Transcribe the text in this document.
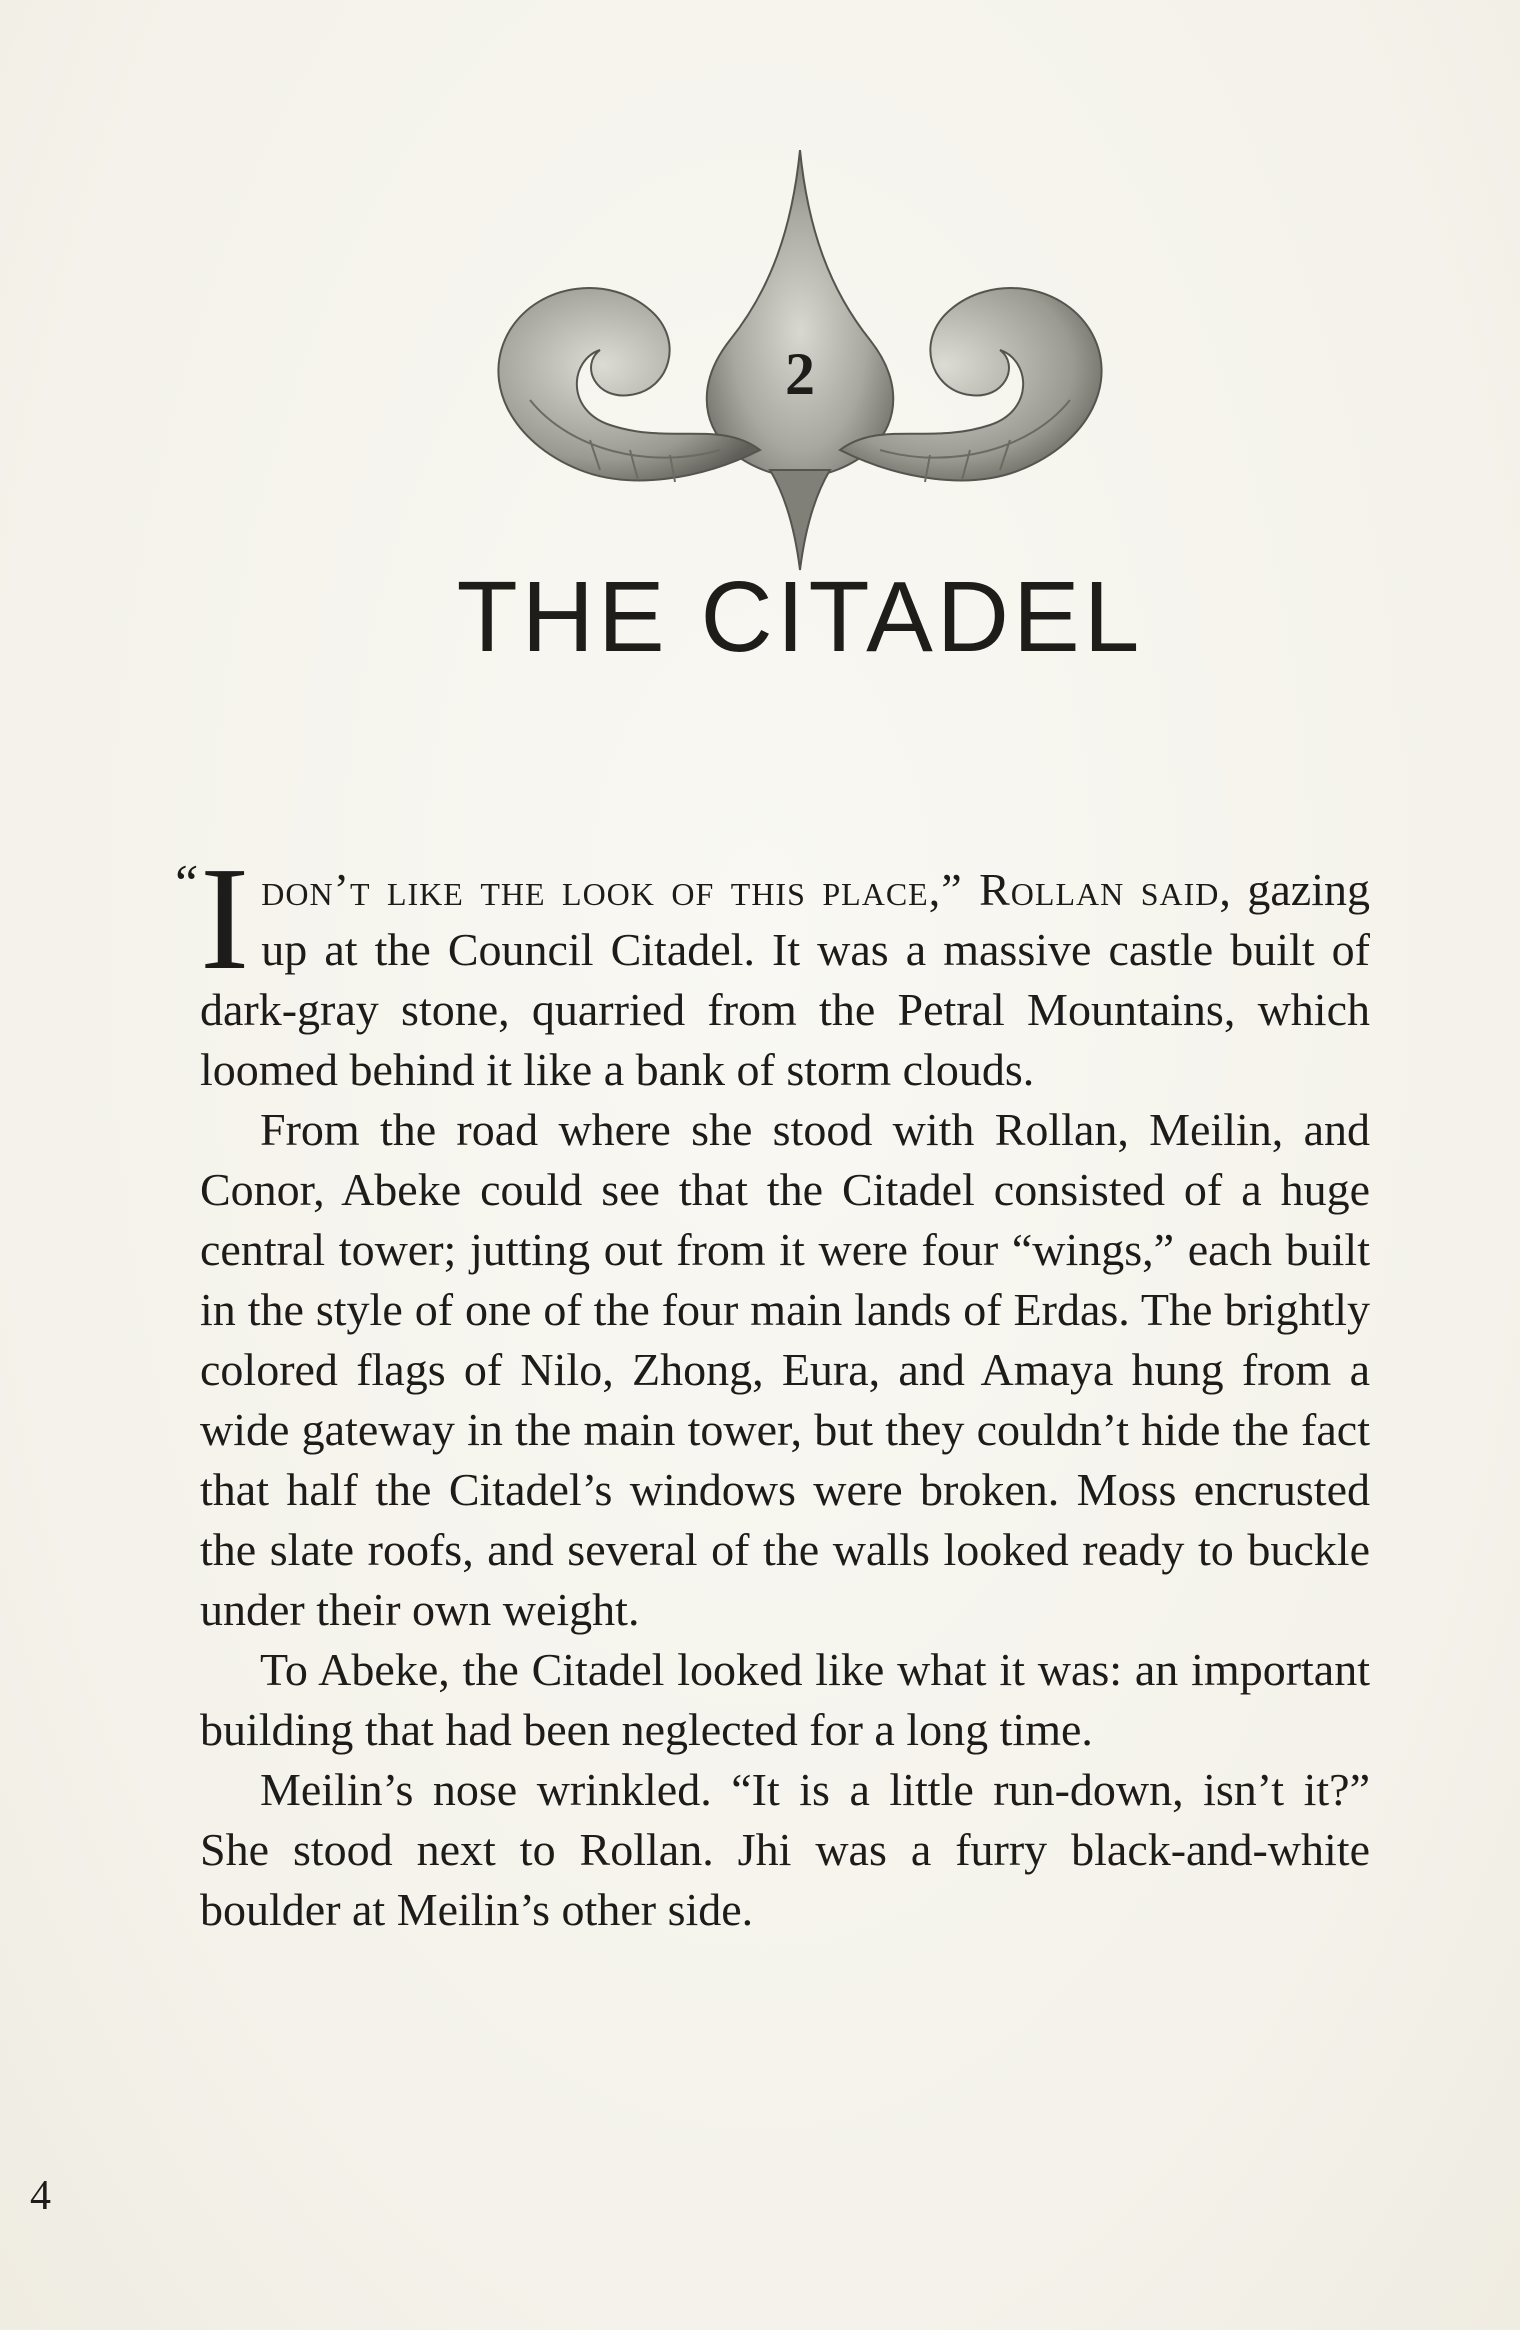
2
THE CITADEL

“ I don’t like the look of this place,” Rollan said, gazing up at the Council Citadel. It was a massive castle built of dark-gray stone, quarried from the Petral Mountains, which loomed behind it like a bank of storm clouds.

From the road where she stood with Rollan, Meilin, and Conor, Abeke could see that the Citadel consisted of a huge central tower; jutting out from it were four “wings,” each built in the style of one of the four main lands of Erdas. The brightly colored flags of Nilo, Zhong, Eura, and Amaya hung from a wide gateway in the main tower, but they couldn’t hide the fact that half the Citadel’s windows were broken. Moss encrusted the slate roofs, and several of the walls looked ready to buckle under their own weight.

To Abeke, the Citadel looked like what it was: an important building that had been neglected for a long time.

Meilin’s nose wrinkled. “It is a little run-down, isn’t it?” She stood next to Rollan. Jhi was a furry black-and-white boulder at Meilin’s other side.

4
